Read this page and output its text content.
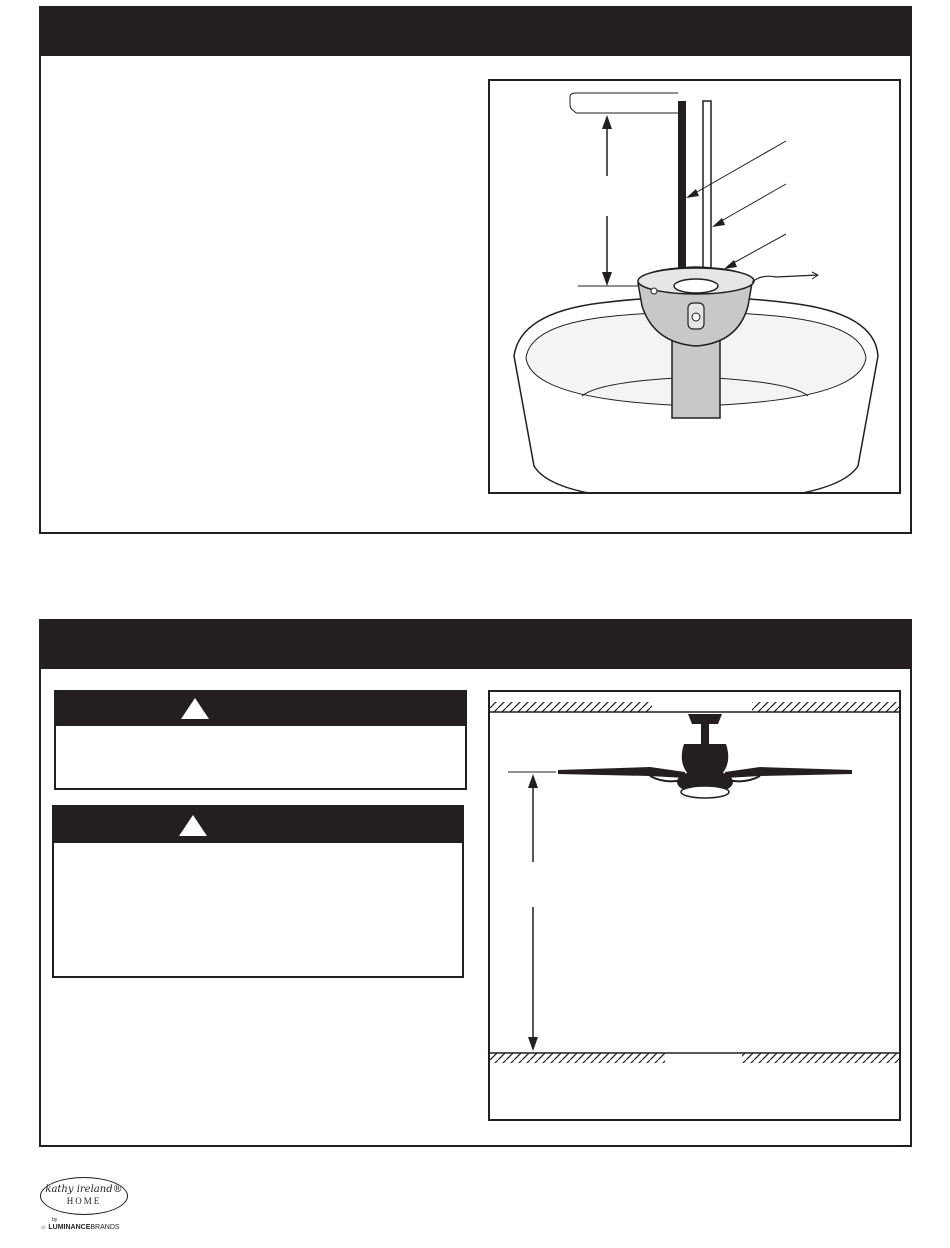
kathy ireland®
HOME
by
☼ LUMINANCEBRANDS
